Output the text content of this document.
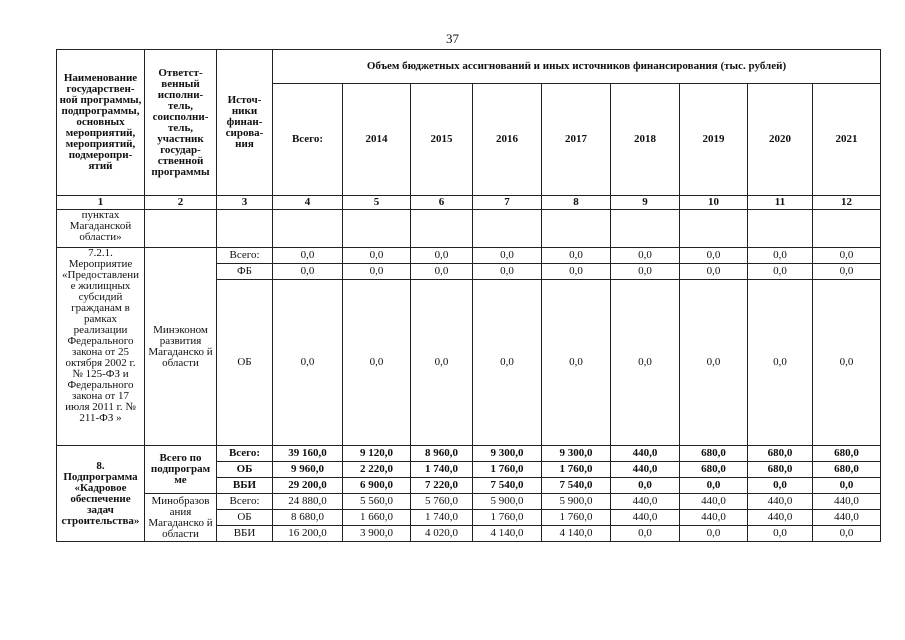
37
Наименование государствен-ной программы, подпрограммы, основных мероприятий, мероприятий, подмеропри-ятий	Ответст-венный исполни-тель, соисполни-тель, участник государ-ственной программы	Источ-ники финан-сирова-ния	Объем бюджетных ассигнований и иных источников финансирования (тыс. рублей)								
			Всего:	2014	2015	2016	2017	2018	2019	2020	2021
1	2	3	4	5	6	7	8	9	10	11	12
пунктах Магаданской области»											
7.2.1. Мероприятие «Предоставлени е жилищных субсидий гражданам в рамках реализации Федерального закона от 25 октября 2002 г. № 125-ФЗ и Федерального закона от 17 июля 2011 г. № 211-ФЗ »	Минэконом развития Магаданско й области	Всего:	0,0	0,0	0,0	0,0	0,0	0,0	0,0	0,0	0,0
		ФБ	0,0	0,0	0,0	0,0	0,0	0,0	0,0	0,0	0,0
		ОБ	0,0	0,0	0,0	0,0	0,0	0,0	0,0	0,0	0,0
8. Подпрограмма «Кадровое обеспечение задач строительства»	Всего по подпрограм ме	Всего:	39 160,0	9 120,0	8 960,0	9 300,0	9 300,0	440,0	680,0	680,0	680,0
		ОБ	9 960,0	2 220,0	1 740,0	1 760,0	1 760,0	440,0	680,0	680,0	680,0
		ВБИ	29 200,0	6 900,0	7 220,0	7 540,0	7 540,0	0,0	0,0	0,0	0,0
	Минобразов ания Магаданско й области	Всего:	24 880,0	5 560,0	5 760,0	5 900,0	5 900,0	440,0	440,0	440,0	440,0
		ОБ	8 680,0	1 660,0	1 740,0	1 760,0	1 760,0	440,0	440,0	440,0	440,0
		ВБИ	16 200,0	3 900,0	4 020,0	4 140,0	4 140,0	0,0	0,0	0,0	0,0
